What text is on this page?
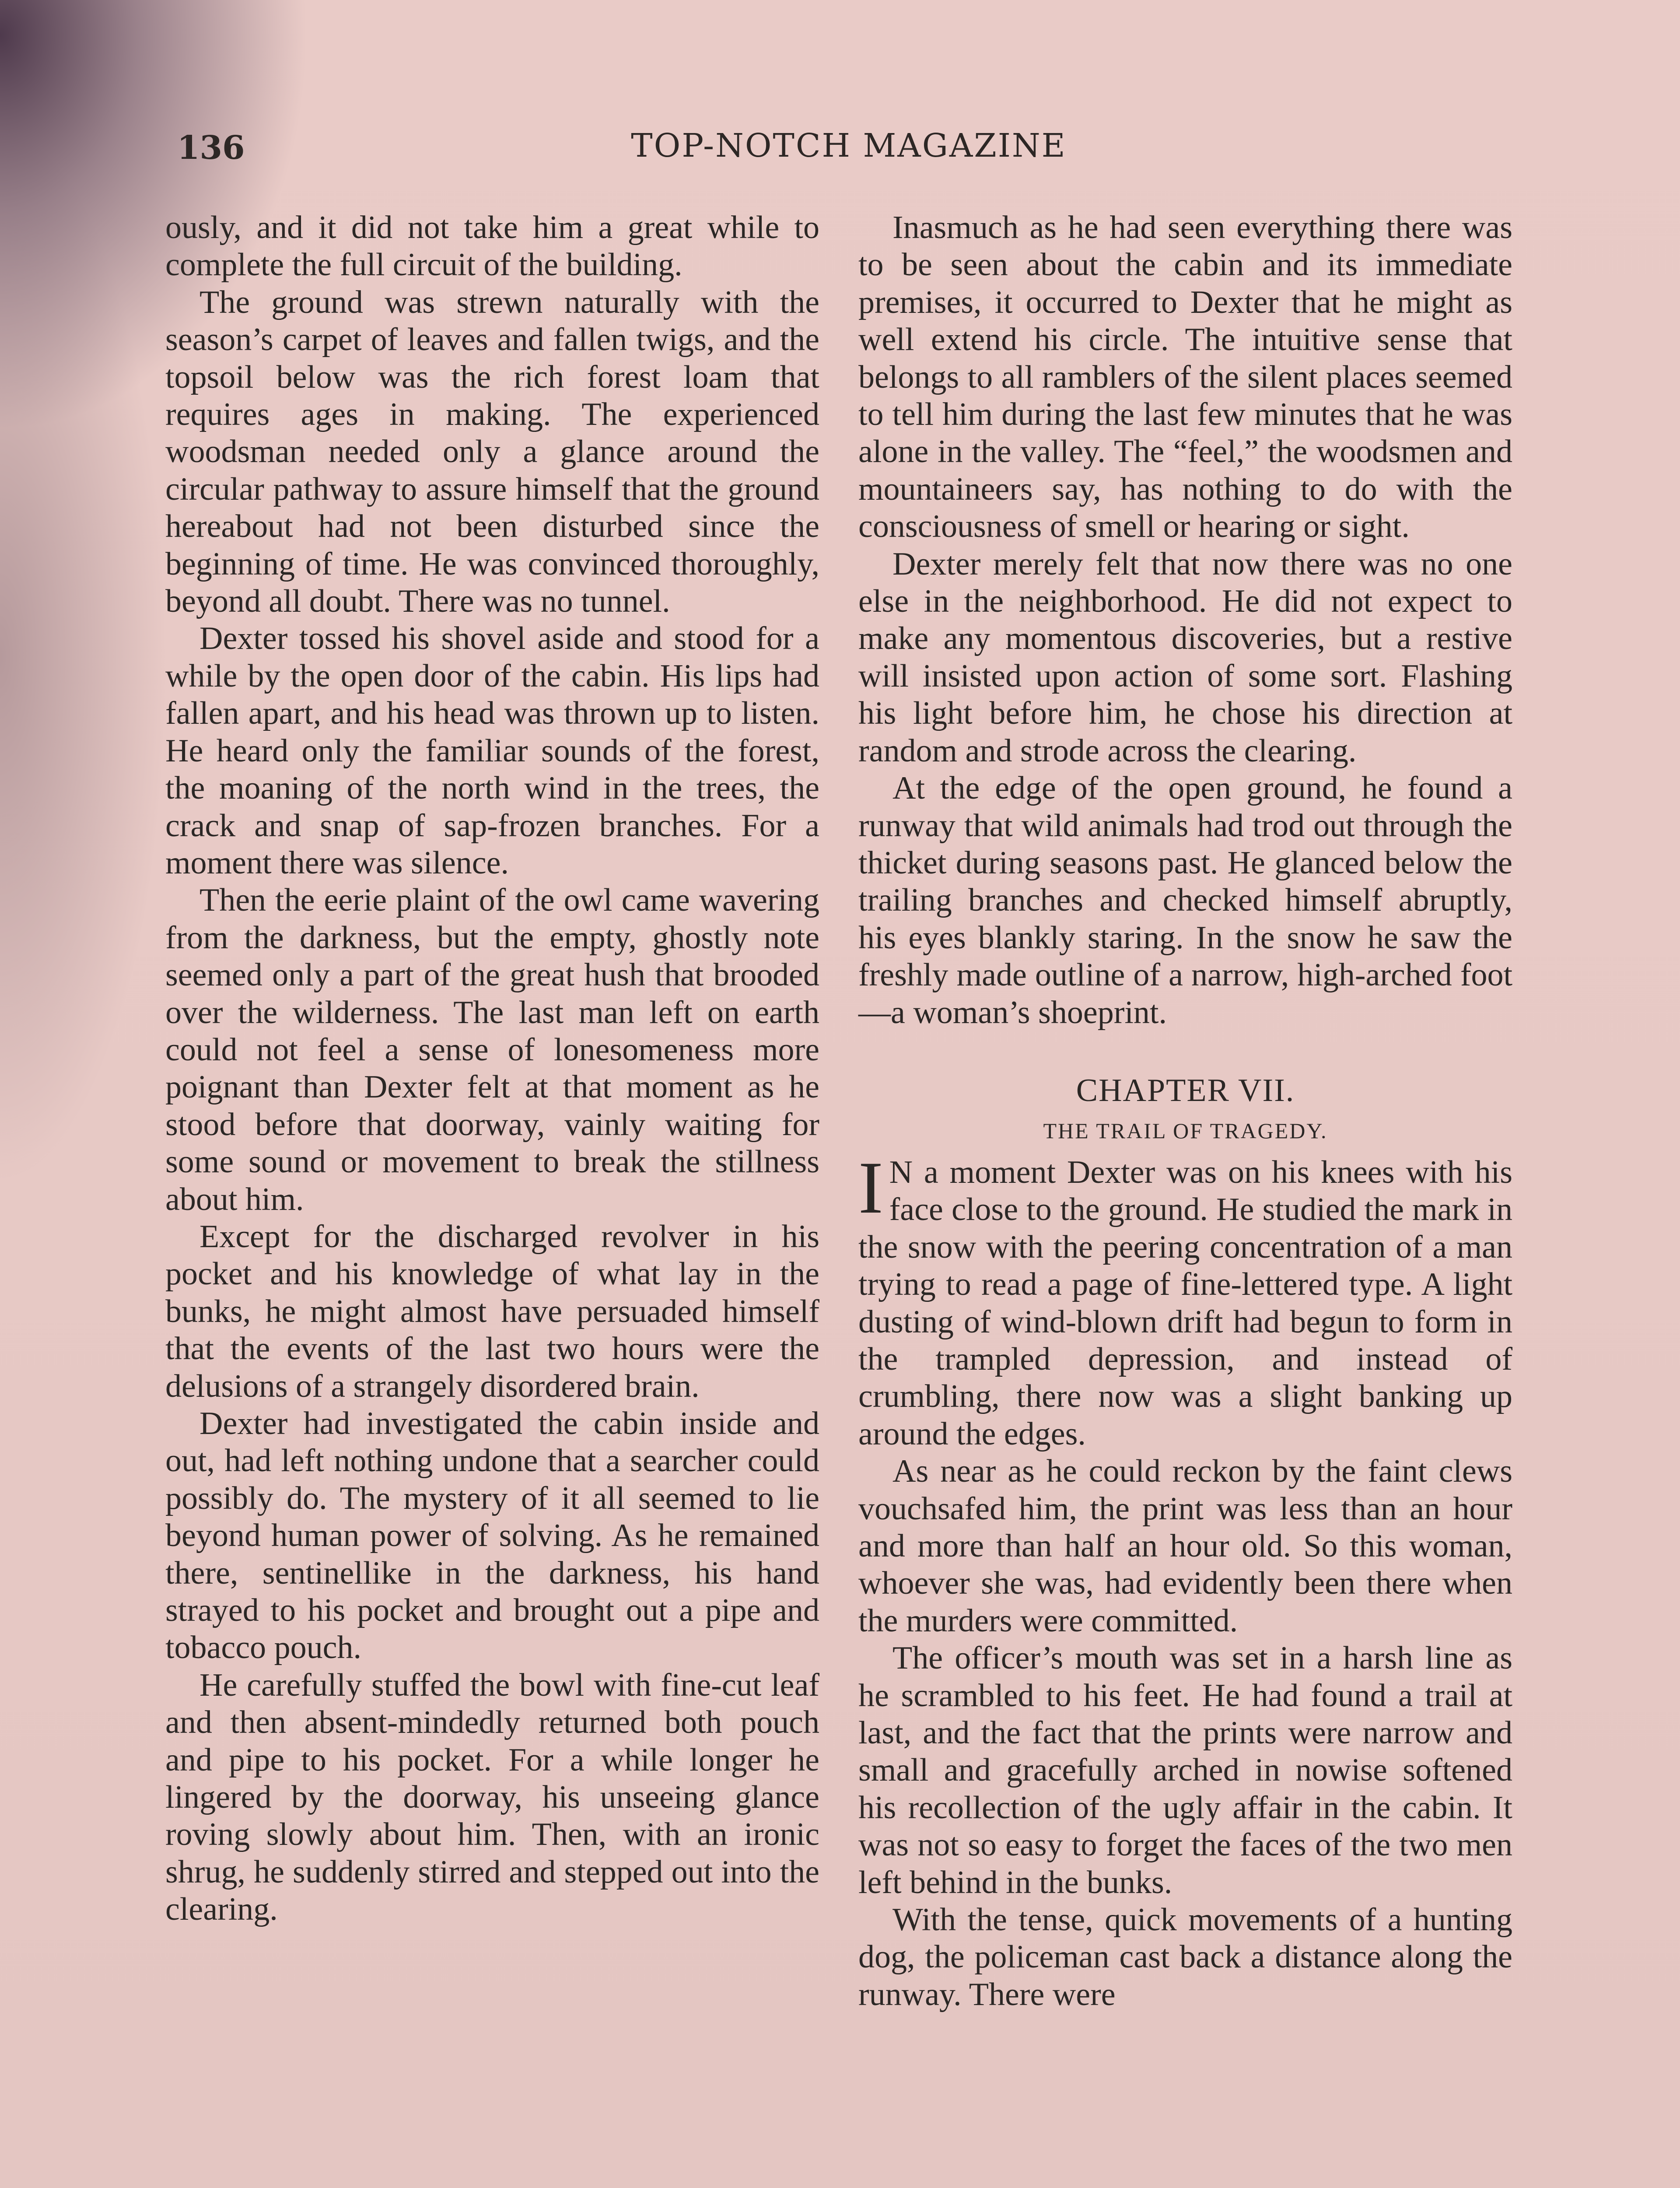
136	TOP-NOTCH MAGAZINE

ously, and it did not take him a great while to complete the full circuit of the building.

The ground was strewn naturally with the season’s carpet of leaves and fallen twigs, and the topsoil below was the rich forest loam that requires ages in making. The experienced woodsman needed only a glance around the circular pathway to assure himself that the ground hereabout had not been disturbed since the beginning of time. He was convinced thoroughly, beyond all doubt. There was no tunnel.

Dexter tossed his shovel aside and stood for a while by the open door of the cabin. His lips had fallen apart, and his head was thrown up to listen. He heard only the familiar sounds of the forest, the moaning of the north wind in the trees, the crack and snap of sap-frozen branches. For a moment there was silence.

Then the eerie plaint of the owl came wavering from the darkness, but the empty, ghostly note seemed only a part of the great hush that brooded over the wilderness. The last man left on earth could not feel a sense of lonesomeness more poignant than Dexter felt at that moment as he stood before that doorway, vainly waiting for some sound or movement to break the stillness about him.

Except for the discharged revolver in his pocket and his knowledge of what lay in the bunks, he might almost have persuaded himself that the events of the last two hours were the delusions of a strangely disordered brain.

Dexter had investigated the cabin inside and out, had left nothing undone that a searcher could possibly do. The mystery of it all seemed to lie beyond human power of solving. As he remained there, sentinellike in the darkness, his hand strayed to his pocket and brought out a pipe and tobacco pouch.

He carefully stuffed the bowl with fine-cut leaf and then absent-mindedly returned both pouch and pipe to his pocket. For a while longer he lingered by the doorway, his unseeing glance roving slowly about him. Then, with an ironic shrug, he suddenly stirred and stepped out into the clearing.

Inasmuch as he had seen everything there was to be seen about the cabin and its immediate premises, it occurred to Dexter that he might as well extend his circle. The intuitive sense that belongs to all ramblers of the silent places seemed to tell him during the last few minutes that he was alone in the valley. The “feel,” the woodsmen and mountaineers say, has nothing to do with the consciousness of smell or hearing or sight.

Dexter merely felt that now there was no one else in the neighborhood. He did not expect to make any momentous discoveries, but a restive will insisted upon action of some sort. Flashing his light before him, he chose his direction at random and strode across the clearing.

At the edge of the open ground, he found a runway that wild animals had trod out through the thicket during seasons past. He glanced below the trailing branches and checked himself abruptly, his eyes blankly staring. In the snow he saw the freshly made outline of a narrow, high-arched foot—a woman’s shoeprint.

CHAPTER VII.
THE TRAIL OF TRAGEDY.

I N a moment Dexter was on his knees with his face close to the ground. He studied the mark in the snow with the peering concentration of a man trying to read a page of fine-lettered type. A light dusting of wind-blown drift had begun to form in the trampled depression, and instead of crumbling, there now was a slight banking up around the edges.

As near as he could reckon by the faint clews vouchsafed him, the print was less than an hour and more than half an hour old. So this woman, whoever she was, had evidently been there when the murders were committed.

The officer’s mouth was set in a harsh line as he scrambled to his feet. He had found a trail at last, and the fact that the prints were narrow and small and gracefully arched in nowise softened his recollection of the ugly affair in the cabin. It was not so easy to forget the faces of the two men left behind in the bunks.

With the tense, quick movements of a hunting dog, the policeman cast back a distance along the runway. There were
